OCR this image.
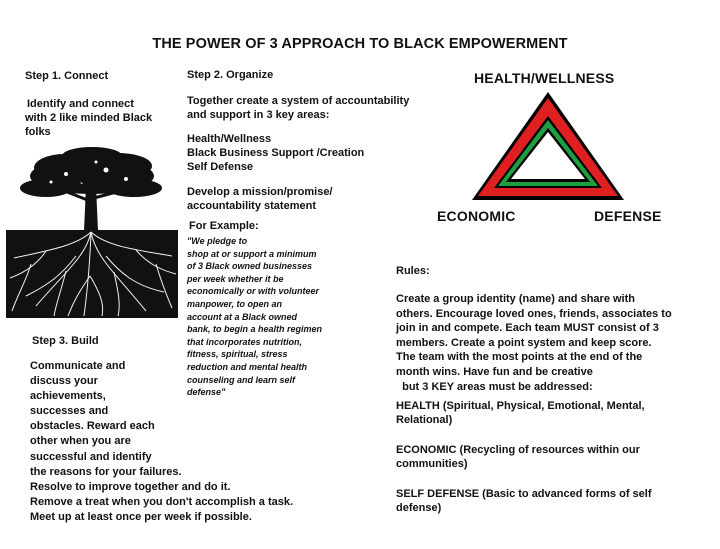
THE POWER OF 3 APPROACH TO BLACK EMPOWERMENT
Step 1. Connect
Identify and connect
with 2 like minded Black
folks
Step 2. Organize
Together create a system of accountability
and support in 3 key areas:
Health/Wellness
Black Business Support /Creation
Self Defense
Develop a mission/promise/
accountability statement
For Example:
"We pledge to
shop at or support a minimum
of 3 Black owned businesses
per week whether it be
economically or with volunteer
manpower, to open an
account at a Black owned
bank, to begin a health regimen
that incorporates nutrition,
fitness, spiritual, stress
reduction and mental health
counseling and learn self
defense"
Step 3. Build
Communicate and
discuss your
achievements,
successes and
obstacles. Reward each
other when you are
successful and identify
the reasons for your failures.
Resolve to improve together and do it.
Remove a treat when you don't accomplish a task.
Meet up at least once per week if possible.
HEALTH/WELLNESS
ECONOMIC	DEFENSE
Rules:
Create a group identity (name) and share with
others. Encourage loved ones, friends, associates to
join in and compete. Each team MUST consist of 3
members. Create a point system and keep score.
The team with the most points at the end of the
month wins. Have fun and be creative
but 3 KEY areas must be addressed:
HEALTH (Spiritual, Physical, Emotional, Mental,
Relational)
ECONOMIC (Recycling of resources within our
communities)
SELF DEFENSE (Basic to advanced forms of self
defense)
